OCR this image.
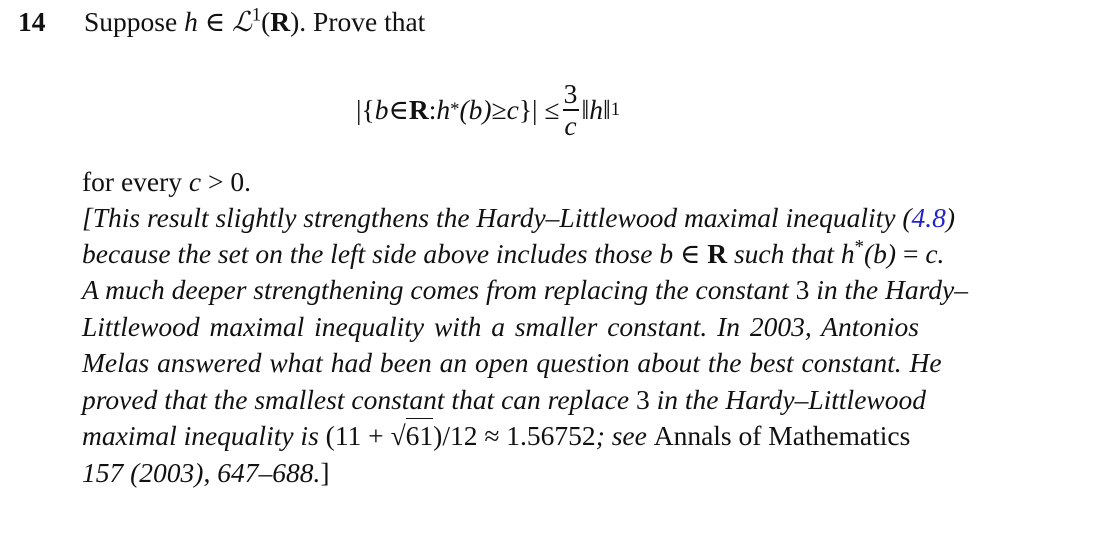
14 Suppose h ∈ ℒ$^1$(R). Prove that
|{ b ∈ R : h * (b) ≥ c }| ≤ $\frac{3}{c}$ ‖h‖ 1
for every c > 0.
[This result slightly strengthens the Hardy–Littlewood maximal inequality (4.8)
because the set on the left side above includes those b ∈ R such that h*(b) = c.
A much deeper strengthening comes from replacing the constant 3 in the Hardy–
Littlewood maximal inequality with a smaller constant. In 2003, Antonios
Melas answered what had been an open question about the best constant. He
proved that the smallest constant that can replace 3 in the Hardy–Littlewood
maximal inequality is (11 + √61)/12 ≈ 1.56752; see Annals of Mathematics
157 (2003), 647–688.]
